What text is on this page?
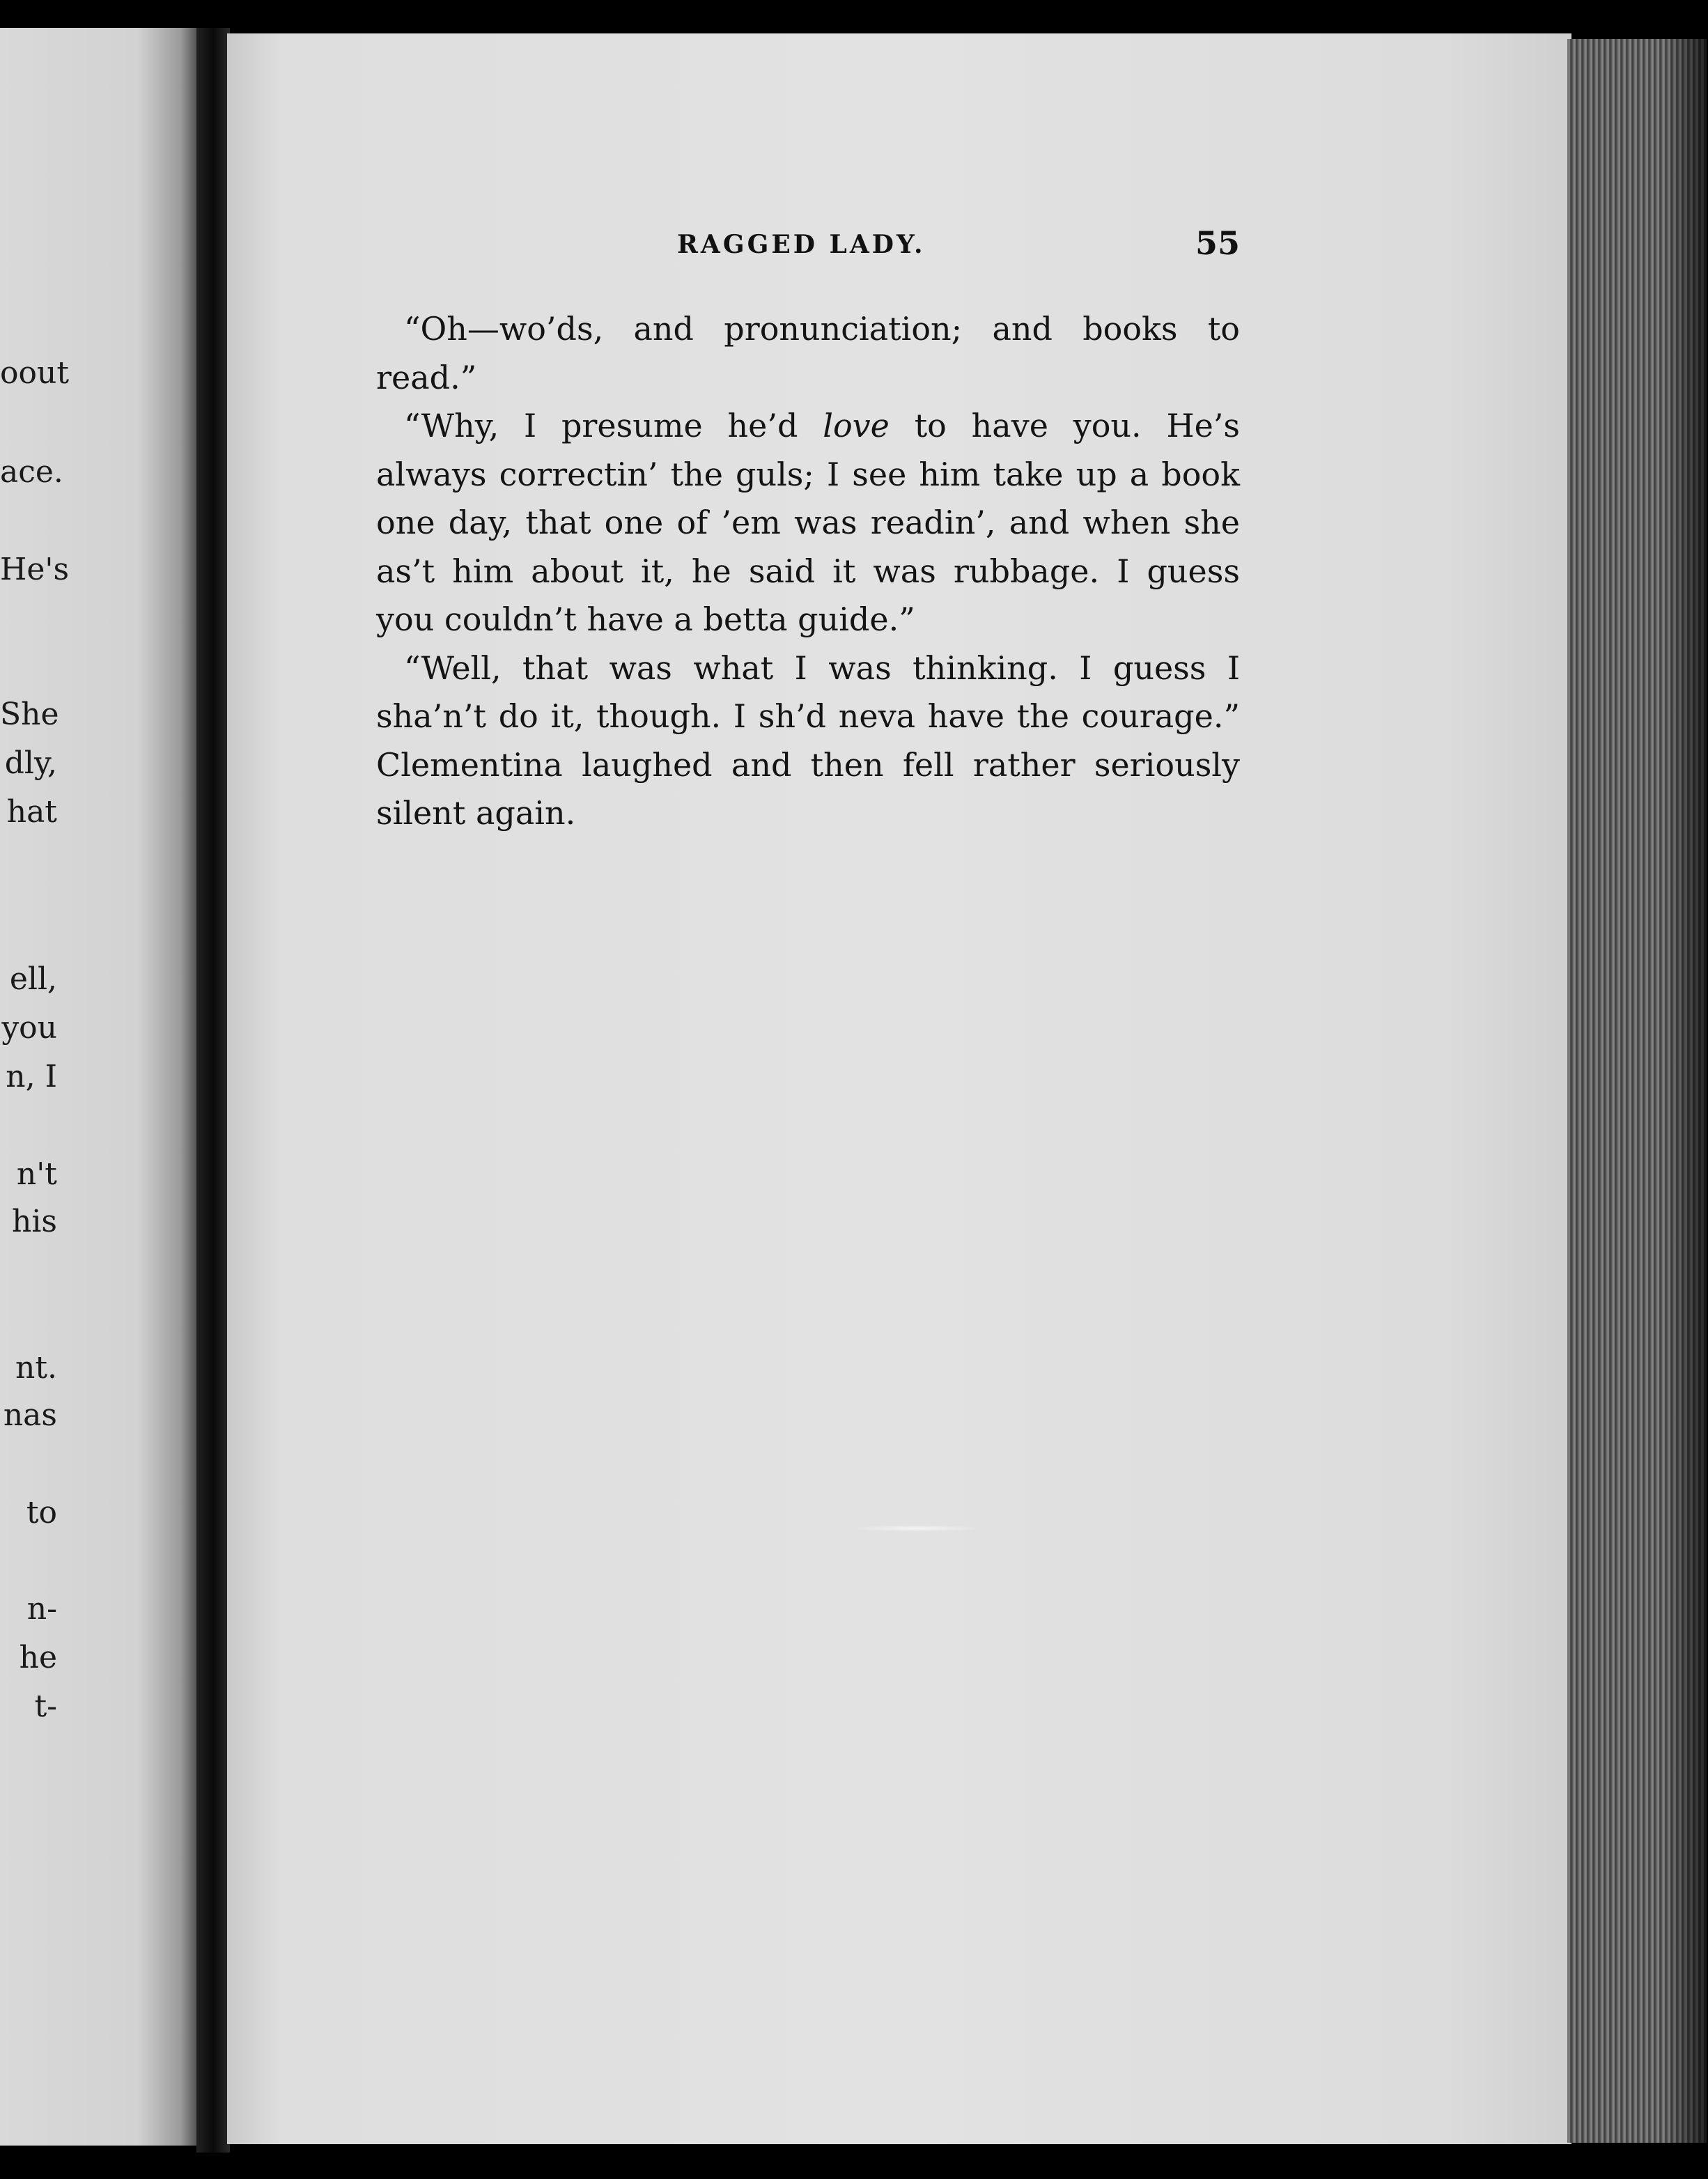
oout
ace.
He's
She
dly,
hat
ell,
you
n, I
n't
his
nt.
nas
to
n-
he
t-
RAGGED LADY.	55

“Oh—wo’ds, and pronunciation; and books to
read.”

“Why, I presume he’d love to have you. He’s
always correctin’ the guls; I see him take up a book
one day, that one of ’em was readin’, and when she
as’t him about it, he said it was rubbage. I guess
you couldn’t have a betta guide.”

“Well, that was what I was thinking. I guess I
sha’n’t do it, though. I sh’d neva have the courage.”
Clementina laughed and then fell rather seriously
silent again.
